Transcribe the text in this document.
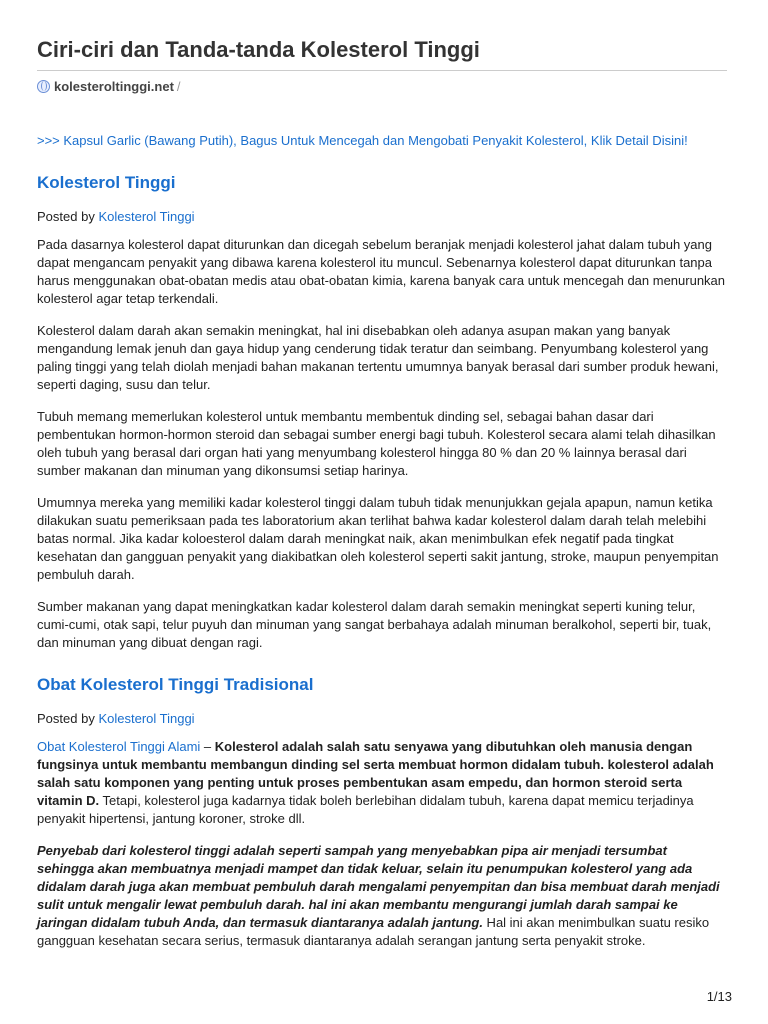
Ciri-ciri dan Tanda-tanda Kolesterol Tinggi
kolesteroltinggi.net /
>>> Kapsul Garlic (Bawang Putih), Bagus Untuk Mencegah dan Mengobati Penyakit Kolesterol, Klik Detail Disini!
Kolesterol Tinggi
Posted by Kolesterol Tinggi

Pada dasarnya kolesterol dapat diturunkan dan dicegah sebelum beranjak menjadi kolesterol jahat dalam tubuh yang dapat mengancam penyakit yang dibawa karena kolesterol itu muncul. Sebenarnya kolesterol dapat diturunkan tanpa harus menggunakan obat-obatan medis atau obat-obatan kimia, karena banyak cara untuk mencegah dan menurunkan kolesterol agar tetap terkendali.

Kolesterol dalam darah akan semakin meningkat, hal ini disebabkan oleh adanya asupan makan yang banyak mengandung lemak jenuh dan gaya hidup yang cenderung tidak teratur dan seimbang. Penyumbang kolesterol yang paling tinggi yang telah diolah menjadi bahan makanan tertentu umumnya banyak berasal dari sumber produk hewani, seperti daging, susu dan telur.

Tubuh memang memerlukan kolesterol untuk membantu membentuk dinding sel, sebagai bahan dasar dari pembentukan hormon-hormon steroid dan sebagai sumber energi bagi tubuh. Kolesterol secara alami telah dihasilkan oleh tubuh yang berasal dari organ hati yang menyumbang kolesterol hingga 80 % dan 20 % lainnya berasal dari sumber makanan dan minuman yang dikonsumsi setiap harinya.

Umumnya mereka yang memiliki kadar kolesterol tinggi dalam tubuh tidak menunjukkan gejala apapun, namun ketika dilakukan suatu pemeriksaan pada tes laboratorium akan terlihat bahwa kadar kolesterol dalam darah telah melebihi batas normal. Jika kadar koloesterol dalam darah meningkat naik, akan menimbulkan efek negatif pada tingkat kesehatan dan gangguan penyakit yang diakibatkan oleh kolesterol seperti sakit jantung, stroke, maupun penyempitan pembuluh darah.

Sumber makanan yang dapat meningkatkan kadar kolesterol dalam darah semakin meningkat seperti kuning telur, cumi-cumi, otak sapi, telur puyuh dan minuman yang sangat berbahaya adalah minuman beralkohol, seperti bir, tuak, dan minuman yang dibuat dengan ragi.

Obat Kolesterol Tinggi Tradisional
Posted by Kolesterol Tinggi

Obat Kolesterol Tinggi Alami – Kolesterol adalah salah satu senyawa yang dibutuhkan oleh manusia dengan fungsinya untuk membantu membangun dinding sel serta membuat hormon didalam tubuh. kolesterol adalah salah satu komponen yang penting untuk proses pembentukan asam empedu, dan hormon steroid serta vitamin D. Tetapi, kolesterol juga kadarnya tidak boleh berlebihan didalam tubuh, karena dapat memicu terjadinya penyakit hipertensi, jantung koroner, stroke dll.

Penyebab dari kolesterol tinggi adalah seperti sampah yang menyebabkan pipa air menjadi tersumbat sehingga akan membuatnya menjadi mampet dan tidak keluar, selain itu penumpukan kolesterol yang ada didalam darah juga akan membuat pembuluh darah mengalami penyempitan dan bisa membuat darah menjadi sulit untuk mengalir lewat pembuluh darah. hal ini akan membantu mengurangi jumlah darah sampai ke jaringan didalam tubuh Anda, dan termasuk diantaranya adalah jantung. Hal ini akan menimbulkan suatu resiko gangguan kesehatan secara serius, termasuk diantaranya adalah serangan jantung serta penyakit stroke.

1/13
